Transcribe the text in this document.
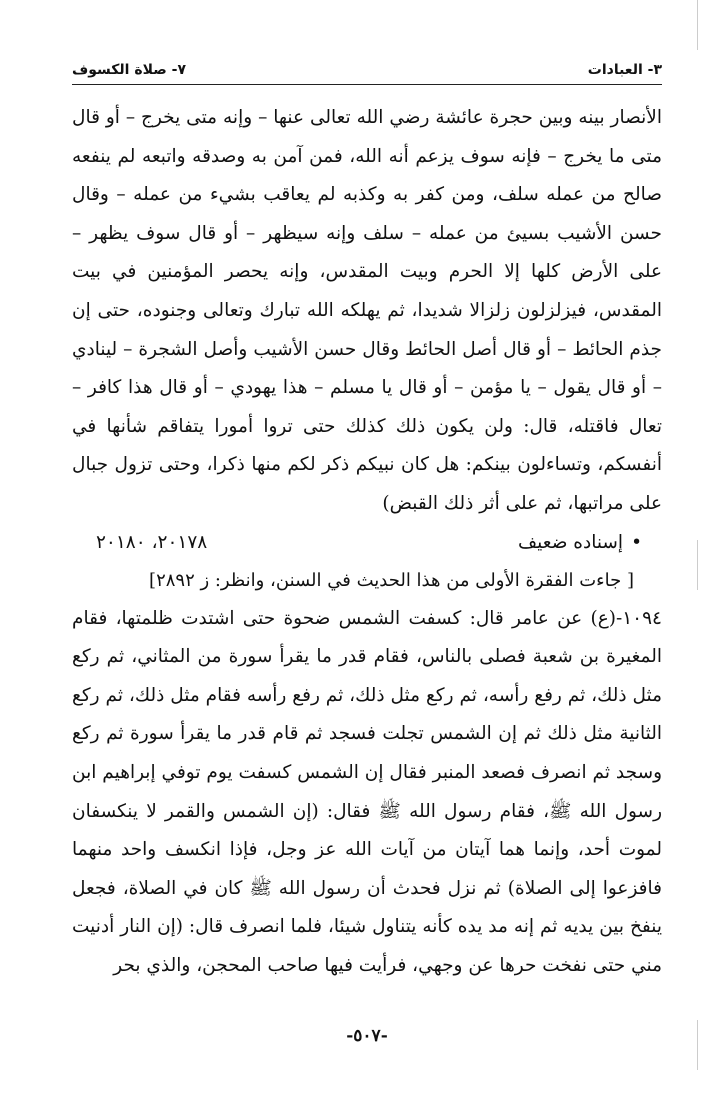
٣- العبادات
٧- صلاة الكسوف

الأنصار بينه وبين حجرة عائشة رضي الله تعالى عنها – وإنه متى يخرج – أو قال متى ما يخرج – فإنه سوف يزعم أنه الله، فمن آمن به وصدقه واتبعه لم ينفعه صالح من عمله سلف، ومن كفر به وكذبه لم يعاقب بشيء من عمله – وقال حسن الأشيب بسيئ من عمله – سلف وإنه سيظهر – أو قال سوف يظهر – على الأرض كلها إلا الحرم وبيت المقدس، وإنه يحصر المؤمنين في بيت المقدس، فيزلزلون زلزالا شديدا، ثم يهلكه الله تبارك وتعالى وجنوده، حتى إن جذم الحائط – أو قال أصل الحائط وقال حسن الأشيب وأصل الشجرة – لينادي – أو قال يقول – يا مؤمن – أو قال يا مسلم – هذا يهودي – أو قال هذا كافر – تعال فاقتله، قال: ولن يكون ذلك كذلك حتى تروا أمورا يتفاقم شأنها في أنفسكم، وتساءلون بينكم: هل كان نبيكم ذكر لكم منها ذكرا، وحتى تزول جبال على مراتبها، ثم على أثر ذلك القبض)

•إسناده ضعيف
٢٠١٧٨، ٢٠١٨٠
[ جاءت الفقرة الأولى من هذا الحديث في السنن، وانظر: ز ٢٨٩٢]

١٠٩٤-(ع) عن عامر قال: كسفت الشمس ضحوة حتى اشتدت ظلمتها، فقام المغيرة بن شعبة فصلى بالناس، فقام قدر ما يقرأ سورة من المثاني، ثم ركع مثل ذلك، ثم رفع رأسه، ثم ركع مثل ذلك، ثم رفع رأسه فقام مثل ذلك، ثم ركع الثانية مثل ذلك ثم إن الشمس تجلت فسجد ثم قام قدر ما يقرأ سورة ثم ركع وسجد ثم انصرف فصعد المنبر فقال إن الشمس كسفت يوم توفي إبراهيم ابن رسول الله ﷺ، فقام رسول الله ﷺ فقال: (إن الشمس والقمر لا ينكسفان لموت أحد، وإنما هما آيتان من آيات الله عز وجل، فإذا انكسف واحد منهما فافزعوا إلى الصلاة) ثم نزل فحدث أن رسول الله ﷺ كان في الصلاة، فجعل ينفخ بين يديه ثم إنه مد يده كأنه يتناول شيئا، فلما انصرف قال: (إن النار أدنيت مني حتى نفخت حرها عن وجهي، فرأيت فيها صاحب المحجن، والذي بحر

-٥٠٧-
